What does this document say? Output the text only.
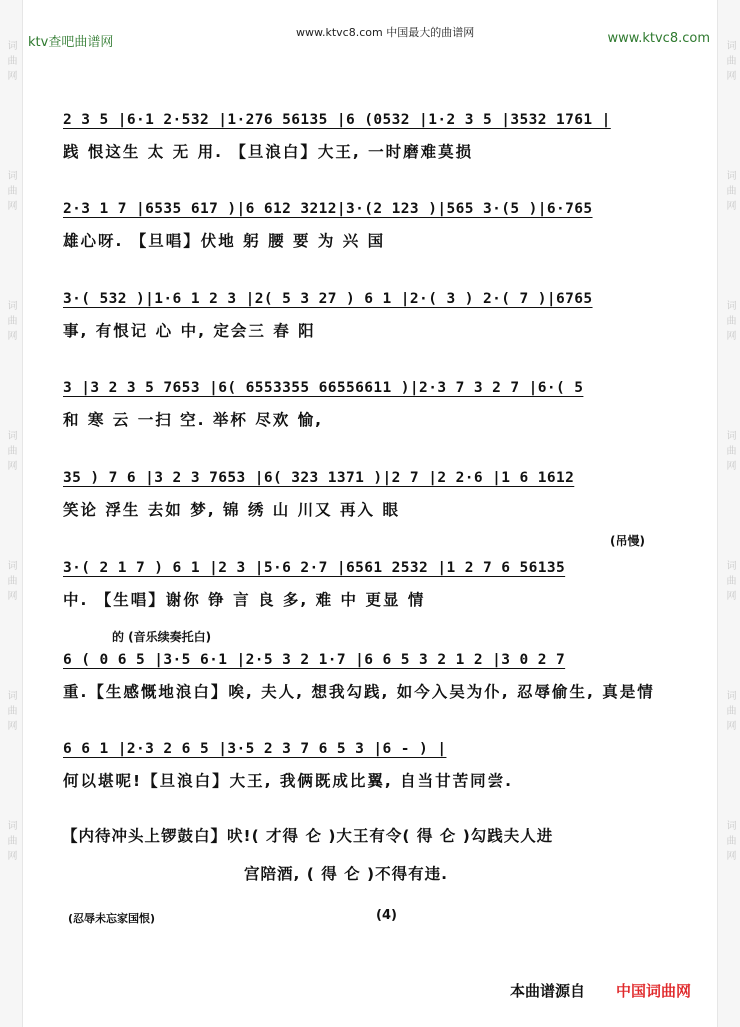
词 曲 网
词 曲 网
词 曲 网
词 曲 网
词 曲 网
词 曲 网
词 曲 网
词 曲 网
词 曲 网
词 曲 网
词 曲 网
词 曲 网
词 曲 网
词 曲 网
ktv查吧曲谱网
www.ktvc8.com 中国最大的曲谱网	www.ktvc8.com
2 3 5 |6·1 2·532 |1·276 56135 |6 (0532 |1·2 3 5 |3532 1761 |
践 恨这生 太 无 用. 【旦浪白】大王, 一时磨难莫损
2·3 1 7 |6535 617 )|6 612 3212|3·(2 123 )|565 3·(5 )|6·765
雄心呀. 【旦唱】伏地 躬 腰 要 为 兴 国
3·( 532 )|1·6 1 2 3 |2( 5 3 27 ) 6 1 |2·( 3 ) 2·( 7 )|6765
事, 有恨记 心 中, 定会三 春 阳
3 |3 2 3 5 7653 |6( 6553355 66556611 )|2·3 7 3 2 7 |6·( 5
和 寒 云 一扫 空. 举杯 尽欢 愉,
35 ) 7 6 |3 2 3 7653 |6( 323 1371 )|2 7 |2 2·6 |1 6 1612
笑论 浮生 去如 梦, 锦 绣 山 川又 再入 眼
(吊慢)
3·( 2 1 7 ) 6 1 |2 3 |5·6 2·7 |6561 2532 |1 2 7 6 56135
中. 【生唱】谢你 铮 言 良 多, 难 中 更显 情
的 (音乐续奏托白)
6 ( 0 6 5 |3·5 6·1 |2·5 3 2 1·7 |6 6 5 3 2 1 2 |3 0 2 7
重.【生感慨地浪白】唉, 夫人, 想我勾践, 如今入吴为仆, 忍辱偷生, 真是情
6 6 1 |2·3 2 6 5 |3·5 2 3 7 6 5 3 |6 - ) |
何以堪呢!【旦浪白】大王, 我俩既成比翼, 自当甘苦同尝.
【内待冲头上锣鼓白】吠!( 才得 仑 )大王有令( 得 仑 )勾践夫人进
宫陪酒, ( 得 仑 )不得有违.
(忍辱未忘家国恨)	(4)
本曲谱源自 中国词曲网
